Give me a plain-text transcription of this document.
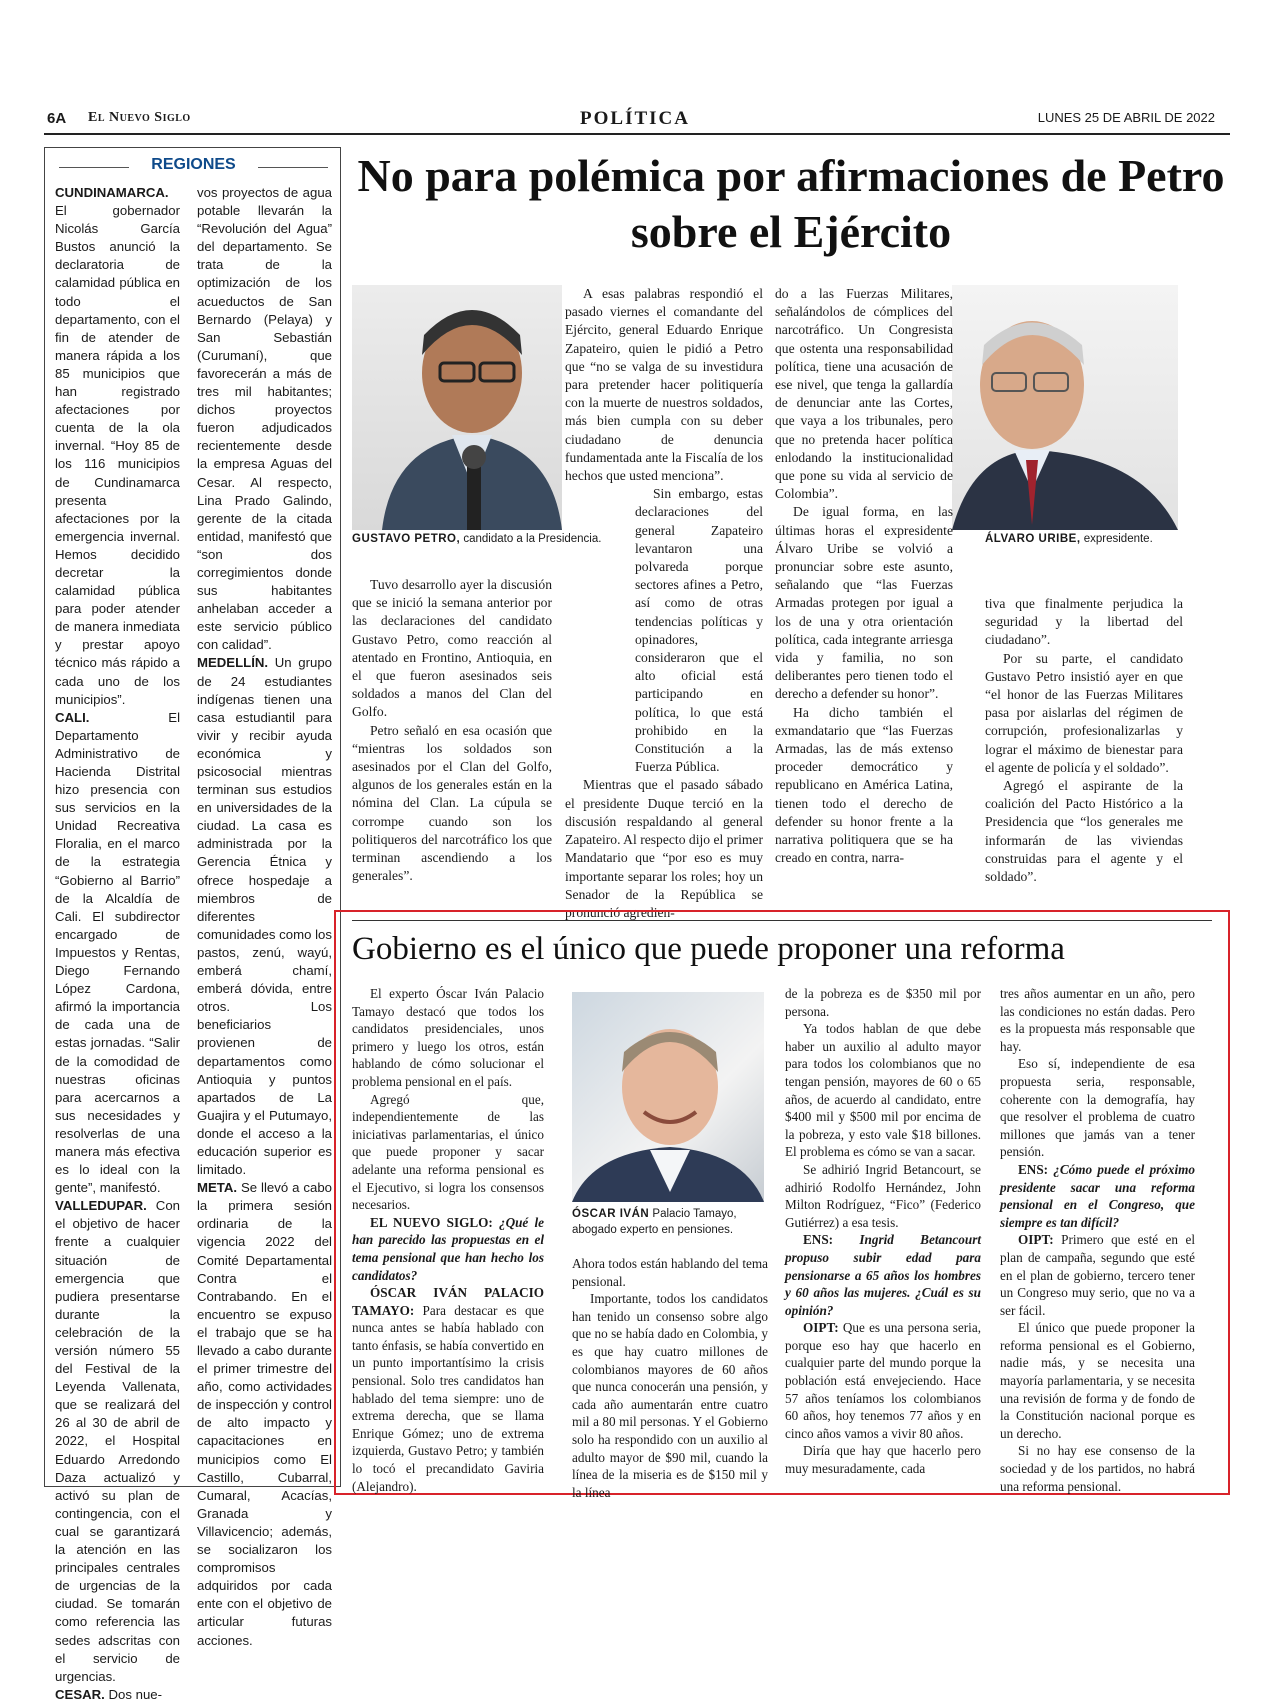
6A El Nuevo Siglo	POLÍTICA	LUNES 25 DE ABRIL DE 2022
REGIONES

CUNDINAMARCA. El gobernador Nicolás García Bustos anunció la declaratoria de calamidad pública en todo el departamento, con el fin de atender de manera rápida a los 85 municipios que han registrado afectaciones por cuenta de la ola invernal. “Hoy 85 de los 116 municipios de Cundinamarca presenta afectaciones por la emergencia invernal. Hemos decidido decretar la calamidad pública para poder atender de manera inmediata y prestar apoyo técnico más rápido a cada uno de los municipios”.

CALI. El Departamento Administrativo de Hacienda Distrital hizo presencia con sus servicios en la Unidad Recreativa Floralia, en el marco de la estrategia “Gobierno al Barrio” de la Alcaldía de Cali. El subdirector encargado de Impuestos y Rentas, Diego Fernando López Cardona, afirmó la importancia de cada una de estas jornadas. “Salir de la comodidad de nuestras oficinas para acercarnos a sus necesidades y resolverlas de una manera más efectiva es lo ideal con la gente”, manifestó.

VALLEDUPAR. Con el objetivo de hacer frente a cualquier situación de emergencia que pudiera presentarse durante la celebración de la versión número 55 del Festival de la Leyenda Vallenata, que se realizará del 26 al 30 de abril de 2022, el Hospital Eduardo Arredondo Daza actualizó y activó su plan de contingencia, con el cual se garantizará la atención en las principales centrales de urgencias de la ciudad. Se tomarán como referencia las sedes adscritas con el servicio de urgencias.

CESAR. Dos nue-

vos proyectos de agua potable llevarán la “Revolución del Agua” del departamento. Se trata de la optimización de los acueductos de San Bernardo (Pelaya) y San Sebastián (Curumaní), que favorecerán a más de tres mil habitantes; dichos proyectos fueron adjudicados recientemente desde la empresa Aguas del Cesar. Al respecto, Lina Prado Galindo, gerente de la citada entidad, manifestó que “son dos corregimientos donde sus habitantes anhelaban acceder a este servicio público con calidad”.

MEDELLÍN. Un grupo de 24 estudiantes indígenas tienen una casa estudiantil para vivir y recibir ayuda económica y psicosocial mientras terminan sus estudios en universidades de la ciudad. La casa es administrada por la Gerencia Étnica y ofrece hospedaje a miembros de diferentes comunidades como los pastos, zenú, wayú, emberá chamí, emberá dóvida, entre otros. Los beneficiarios provienen de departamentos como Antioquia y puntos apartados de La Guajira y el Putumayo, donde el acceso a la educación superior es limitado.

META. Se llevó a cabo la primera sesión ordinaria de la vigencia 2022 del Comité Departamental Contra el Contrabando. En el encuentro se expuso el trabajo que se ha llevado a cabo durante el primer trimestre del año, como actividades de inspección y control de alto impacto y capacitaciones en municipios como El Castillo, Cubarral, Cumaral, Acacías, Granada y Villavicencio; además, se socializaron los compromisos adquiridos por cada ente con el objetivo de articular futuras acciones.

No para polémica por afirmaciones de Petro sobre el Ejército
GUSTAVO PETRO, candidato a la Presidencia.	ÁLVARO URIBE, expresidente.

Tuvo desarrollo ayer la discusión que se inició la semana anterior por las declaraciones del candidato Gustavo Petro, como reacción al atentado en Frontino, Antioquia, en el que fueron asesinados seis soldados a manos del Clan del Golfo.

Petro señaló en esa ocasión que “mientras los soldados son asesinados por el Clan del Golfo, algunos de los generales están en la nómina del Clan. La cúpula se corrompe cuando son los politiqueros del narcotráfico los que terminan ascendiendo a los generales”.

A esas palabras respondió el pasado viernes el comandante del Ejército, general Eduardo Enrique Zapateiro, quien le pidió a Petro que “no se valga de su investidura para pretender hacer politiquería con la muerte de nuestros soldados, más bien cumpla con su deber ciudadano de denuncia fundamentada ante la Fiscalía de los hechos que usted menciona”.

Sin embargo, estas declaraciones del general Zapateiro levantaron una polvareda porque sectores afines a Petro, así como de otras tendencias políticas y opinadores, consideraron que el alto oficial está participando en política, lo que está prohibido en la Constitución a la Fuerza Pública.

Mientras que el pasado sábado el presidente Duque terció en la discusión respaldando al general Zapateiro. Al respecto dijo el primer Mandatario que “por eso es muy importante separar los roles; hoy un Senador de la República se pronunció agredien-

do a las Fuerzas Militares, señalándolos de cómplices del narcotráfico. Un Congresista que ostenta una responsabilidad política, tiene una acusación de ese nivel, que tenga la gallardía de denunciar ante las Cortes, que vaya a los tribunales, pero que no pretenda hacer política enlodando la institucionalidad que pone su vida al servicio de Colombia”.

De igual forma, en las últimas horas el expresidente Álvaro Uribe se volvió a pronunciar sobre este asunto, señalando que “las Fuerzas Armadas protegen por igual a los de una y otra orientación política, cada integrante arriesga vida y familia, no son deliberantes pero tienen todo el derecho a defender su honor”.

Ha dicho también el exmandatario que “las Fuerzas Armadas, las de más extenso proceder democrático y republicano en América Latina, tienen todo el derecho de defender su honor frente a la narrativa politiquera que se ha creado en contra, narra-

tiva que finalmente perjudica la seguridad y la libertad del ciudadano”.

Por su parte, el candidato Gustavo Petro insistió ayer en que “el honor de las Fuerzas Militares pasa por aislarlas del régimen de corrupción, profesionalizarlas y lograr el máximo de bienestar para el agente de policía y el soldado”.

Agregó el aspirante de la coalición del Pacto Histórico a la Presidencia que “los generales me informarán de las viviendas construidas para el agente y el soldado”.

Gobierno es el único que puede proponer una reforma

El experto Óscar Iván Palacio Tamayo destacó que todos los candidatos presidenciales, unos primero y luego los otros, están hablando de cómo solucionar el problema pensional en el país.

Agregó que, independientemente de las iniciativas parlamentarias, el único que puede proponer y sacar adelante una reforma pensional es el Ejecutivo, si logra los consensos necesarios.

EL NUEVO SIGLO: ¿Qué le han parecido las propuestas en el tema pensional que han hecho los candidatos?

ÓSCAR IVÁN PALACIO TAMAYO: Para destacar es que nunca antes se había hablado con tanto énfasis, se había convertido en un punto importantísimo la crisis pensional. Solo tres candidatos han hablado del tema siempre: uno de extrema derecha, que se llama Enrique Gómez; uno de extrema izquierda, Gustavo Petro; y también lo tocó el precandidato Gaviria (Alejandro).

ÓSCAR IVÁN Palacio Tamayo, abogado experto en pensiones.

Ahora todos están hablando del tema pensional.

Importante, todos los candidatos han tenido un consenso sobre algo que no se había dado en Colombia, y es que hay cuatro millones de colombianos mayores de 60 años que nunca conocerán una pensión, y cada año aumentarán entre cuatro mil a 80 mil personas. Y el Gobierno solo ha respondido con un auxilio al adulto mayor de $90 mil, cuando la línea de la miseria es de $150 mil y la línea

de la pobreza es de $350 mil por persona.

Ya todos hablan de que debe haber un auxilio al adulto mayor para todos los colombianos que no tengan pensión, mayores de 60 o 65 años, de acuerdo al candidato, entre $400 mil y $500 mil por encima de la pobreza, y esto vale $18 billones. El problema es cómo se van a sacar.

Se adhirió Ingrid Betancourt, se adhirió Rodolfo Hernández, John Milton Rodríguez, “Fico” (Federico Gutiérrez) a esa tesis.

ENS: Ingrid Betancourt propuso subir edad para pensionarse a 65 años los hombres y 60 años las mujeres. ¿Cuál es su opinión?

OIPT: Que es una persona seria, porque eso hay que hacerlo en cualquier parte del mundo porque la población está envejeciendo. Hace 57 años teníamos los colombianos 60 años, hoy tenemos 77 años y en cinco años vamos a vivir 80 años.

Diría que hay que hacerlo pero muy mesuradamente, cada

tres años aumentar en un año, pero las condiciones no están dadas. Pero es la propuesta más responsable que hay.

Eso sí, independiente de esa propuesta seria, responsable, coherente con la demografía, hay que resolver el problema de cuatro millones que jamás van a tener pensión.

ENS: ¿Cómo puede el próximo presidente sacar una reforma pensional en el Congreso, que siempre es tan difícil?

OIPT: Primero que esté en el plan de campaña, segundo que esté en el plan de gobierno, tercero tener un Congreso muy serio, que no va a ser fácil.

El único que puede proponer la reforma pensional es el Gobierno, nadie más, y se necesita una mayoría parlamentaria, y se necesita una revisión de forma y de fondo de la Constitución nacional porque es un derecho.

Si no hay ese consenso de la sociedad y de los partidos, no habrá una reforma pensional.
